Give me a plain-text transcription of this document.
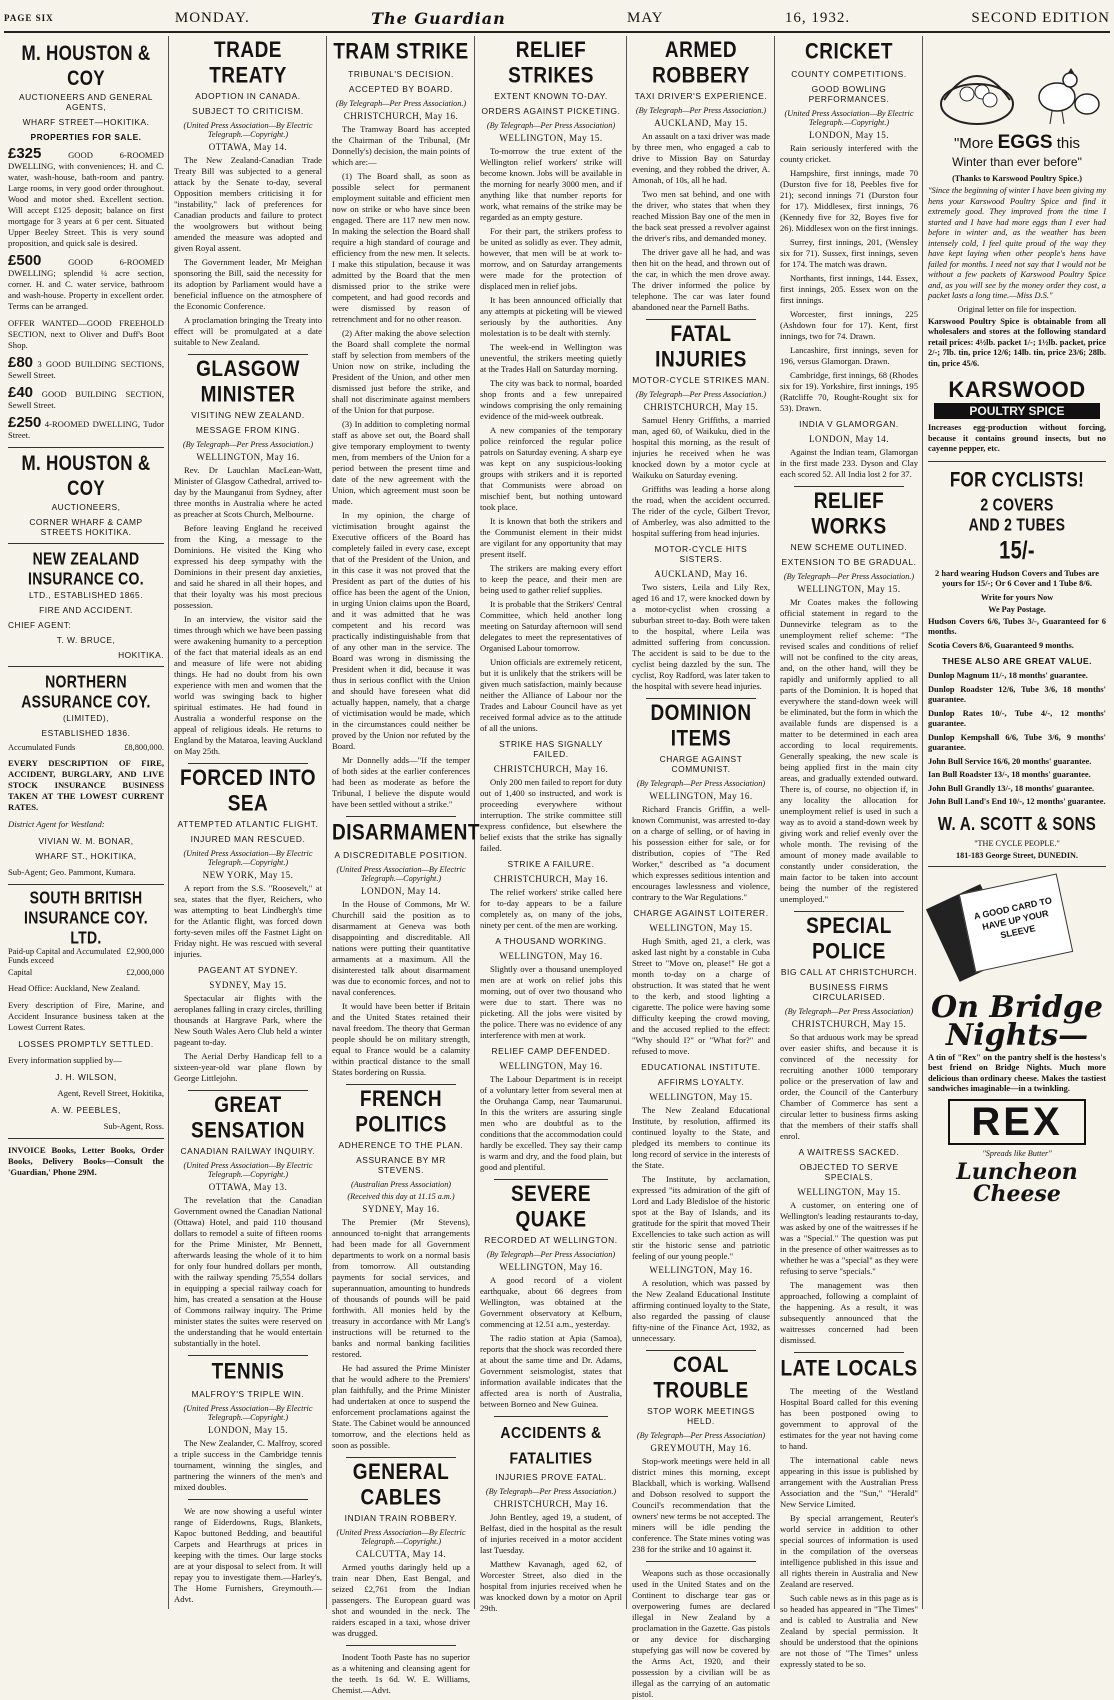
PAGE SIX	MONDAY.	The Guardian	MAY	16, 1932.	SECOND EDITION
M. HOUSTON & COY
AUCTIONEERS AND GENERAL AGENTS,
WHARF STREET—HOKITIKA.
PROPERTIES FOR SALE.
£325	GOOD 6-ROOMED DWELLING, with conveniences; H. and C. water, wash-house, bath-room and pantry. Large rooms, in very good order throughout. Wood and motor shed. Excellent section. Will accept £125 deposit; balance on first mortgage for 3 years at 6 per cent. Situated Upper Beeley Street. This is very sound proposition, and quick sale is desired.
£500	GOOD 6-ROOMED DWELLING; splendid ¼ acre section, corner. H. and C. water service, bathroom and wash-house. Property in excellent order. Terms can be arranged.
OFFER WANTED—GOOD FREEHOLD SECTION, next to Oliver and Duff's Boot Shop.
£80 3 GOOD BUILDING SECTIONS, Sewell Street.
£40 GOOD BUILDING SECTION, Sewell Street.
£250 4-ROOMED DWELLING, Tudor Street.
M. HOUSTON & COY
AUCTIONEERS,
CORNER WHARF & CAMP STREETS HOKITIKA.
NEW ZEALAND INSURANCE CO.
LTD., ESTABLISHED 1865.
FIRE AND ACCIDENT.
CHIEF AGENT:
T. W. BRUCE,
HOKITIKA.
NORTHERN ASSURANCE COY.
(LIMITED),
ESTABLISHED 1836.
Accumulated Funds	£8,800,000.
EVERY DESCRIPTION OF FIRE, ACCIDENT, BURGLARY, AND LIVE STOCK INSURANCE BUSINESS TAKEN AT THE LOWEST CURRENT RATES.
District Agent for Westland:
VIVIAN W. M. BONAR,
WHARF ST., HOKITIKA,
Sub-Agent; Geo. Pammont, Kumara.
SOUTH BRITISH INSURANCE COY. LTD.
Paid-up Capital and Accumulated Funds exceed
£2,900,000
Capital	£2,000,000
Head Office: Auckland, New Zealand.
Every description of Fire, Marine, and Accident Insurance business taken at the Lowest Current Rates.
LOSSES PROMPTLY SETTLED.
Every information supplied by—
J. H. WILSON,
Agent, Revell Street, Hokitika,
A. W. PEEBLES,
Sub-Agent, Ross.
INVOICE Books, Letter Books, Order Books, Delivery Books—Consult the 'Guardian,' Phone 29M.
TRADE TREATY
ADOPTION IN CANADA.
SUBJECT TO CRITICISM.
(United Press Association—By Electric Telegraph.—Copyright.)
OTTAWA, May 14.

The New Zealand-Canadian Trade Treaty Bill was subjected to a general attack by the Senate to-day, several Opposition members criticising it for "instability," lack of preferences for Canadian products and failure to protect the woolgrowers but without being amended the measure was adopted and given Royal assent.

The Government leader, Mr Meighan sponsoring the Bill, said the necessity for its adoption by Parliament would have a beneficial influence on the atmosphere of the Economic Conference.

A proclamation bringing the Treaty into effect will be promulgated at a date suitable to New Zealand.

GLASGOW MINISTER
VISITING NEW ZEALAND.
MESSAGE FROM KING.
(By Telegraph—Per Press Association.)
WELLINGTON, May 16.

Rev. Dr Lauchlan MacLean-Watt, Minister of Glasgow Cathedral, arrived to-day by the Maunganui from Sydney, after three months in Australia where he acted as preacher at Scots Church, Melbourne.

Before leaving England he received from the King, a message to the Dominions. He visited the King who expressed his deep sympathy with the Dominions in their present day anxieties, and said he shared in all their hopes, and that their loyalty was his most precious possession.

In an interview, the visitor said the times through which we have been passing were awakening humanity to a perception of the fact that material ideals as an end and measure of life were not abiding things. He had no doubt from his own experience with men and women that the world was swinging back to higher spiritual estimates. He had found in Australia a wonderful response on the appeal of religious ideals. He returns to England by the Mataroa, leaving Auckland on May 25th.

FORCED INTO SEA
ATTEMPTED ATLANTIC FLIGHT.
INJURED MAN RESCUED.
(United Press Association—By Electric Telegraph.—Copyright.)
NEW YORK, May 15.

A report from the S.S. "Roosevelt," at sea, states that the flyer, Reichers, who was attempting to beat Lindbergh's time for the Atlantic flight, was forced down forty-seven miles off the Fastnet Light on Friday night. He was rescued with several injuries.

PAGEANT AT SYDNEY.
SYDNEY, May 15.

Spectacular air flights with the aeroplanes falling in crazy circles, thrilling thousands at Hargrave Park, where the New South Wales Aero Club held a winter pageant to-day.

The Aerial Derby Handicap fell to a sixteen-year-old war plane flown by George Littlejohn.

GREAT SENSATION
CANADIAN RAILWAY INQUIRY.
(United Press Association—By Electric Telegraph.—Copyright.)
OTTAWA, May 13.

The revelation that the Canadian Government owned the Canadian National (Ottawa) Hotel, and paid 110 thousand dollars to remodel a suite of fifteen rooms for the Prime Minister, Mr Bennett, afterwards leasing the whole of it to him for only four hundred dollars per month, with the railway spending 75,554 dollars in equipping a special railway coach for him, has created a sensation at the House of Commons railway inquiry. The Prime minister states the suites were reserved on the understanding that he would entertain substantially in the hotel.

TENNIS
MALFROY'S TRIPLE WIN.
(United Press Association—By Electric Telegraph.—Copyright.)
LONDON, May 15.

The New Zealander, C. Malfroy, scored a triple success in the Cambridge tennis tournament, winning the singles, and partnering the winners of the men's and mixed doubles.

We are now showing a useful winter range of Eiderdowns, Rugs, Blankets, Kapoc buttoned Bedding, and beautiful Carpets and Hearthrugs at prices in keeping with the times. Our large stocks are at your disposal to select from. It will repay you to investigate them.—Harley's, The Home Furnishers, Greymouth.—Advt.

TRAM STRIKE
TRIBUNAL'S DECISION.
ACCEPTED BY BOARD.
(By Telegraph—Per Press Association.)
CHRISTCHURCH, May 16.

The Tramway Board has accepted the Chairman of the Tribunal, (Mr Donnelly's) decision, the main points of which are:—

(1) The Board shall, as soon as possible select for permanent employment suitable and efficient men now on strike or who have since been engaged. There are 117 new men now. In making the selection the Board shall require a high standard of courage and efficiency from the new men. It selects. I make this stipulation, because it was admitted by the Board that the men dismissed prior to the strike were competent, and had good records and were dismissed by reason of retrenchment and for no other reason.

(2) After making the above selection the Board shall complete the normal staff by selection from members of the Union now on strike, including the President of the Union, and other men dismissed just before the strike, and shall not discriminate against members of the Union for that purpose.

(3) In addition to completing normal staff as above set out, the Board shall give temporary employment to twenty men, from members of the Union for a period between the present time and date of the new agreement with the Union, which agreement must soon be made.

In my opinion, the charge of victimisation brought against the Executive officers of the Board has completely failed in every case, except that of the President of the Union, and in this case it was not proved that the President as part of the duties of his office has been the agent of the Union, in urging Union claims upon the Board, and it was admitted that he was competent and his record was practically indistinguishable from that of any other man in the service. The Board was wrong in dismissing the President when it did, because it was thus in serious conflict with the Union and should have foreseen what did actually happen, namely, that a charge of victimisation would be made, which in the circumstances could neither be proved by the Union nor refuted by the Board.

Mr Donnelly adds—"If the temper of both sides at the earlier conferences had been as moderate as before the Tribunal, I believe the dispute would have been settled without a strike."

DISARMAMENT
A DISCREDITABLE POSITION.
(United Press Association—By Electric Telegraph.—Copyright.)
LONDON, May 14.

In the House of Commons, Mr W. Churchill said the position as to disarmament at Geneva was both disappointing and discreditable. All nations were putting their quantitative armaments at a maximum. All the disinterested talk about disarmament was due to economic forces, and not to naval conferences.

It would have been better if Britain and the United States retained their naval freedom. The theory that German people should be on military strength, equal to France would be a calamity within practical distance to the small States bordering on Russia.

FRENCH POLITICS
ADHERENCE TO THE PLAN.
ASSURANCE BY MR STEVENS.
(Australian Press Association)
(Received this day at 11.15 a.m.)
SYDNEY, May 16.

The Premier (Mr Stevens), announced to-night that arrangements had been made for all Government departments to work on a normal basis from tomorrow. All outstanding payments for social services, and superannuation, amounting to hundreds of thousands of pounds will be paid forthwith. All monies held by the treasury in accordance with Mr Lang's instructions will be returned to the banks and normal banking facilities restored.

He had assured the Prime Minister that he would adhere to the Premiers' plan faithfully, and the Prime Minister had undertaken at once to suspend the enforcement proclamations against the State. The Cabinet would be announced tomorrow, and the elections held as soon as possible.

GENERAL CABLES
INDIAN TRAIN ROBBERY.
(United Press Association—By Electric Telegraph.—Copyright.)
CALCUTTA, May 14.

Armed youths daringly held up a train near Dhen, East Bengal, and seized £2,761 from the Indian passengers. The European guard was shot and wounded in the neck. The raiders escaped in a taxi, whose driver was drugged.

Inodent Tooth Paste has no superior as a whitening and cleansing agent for the teeth. 1s 6d. W. E. Williams, Chemist.—Advt.

RELIEF STRIKES
EXTENT KNOWN TO-DAY.
ORDERS AGAINST PICKETING.
(By Telegraph—Per Press Association)
WELLINGTON, May 15.

To-morrow the true extent of the Wellington relief workers' strike will become known. Jobs will be available in the morning for nearly 3000 men, and if anything like that number reports for work, what remains of the strike may be regarded as an empty gesture.

For their part, the strikers profess to be united as solidly as ever. They admit, however, that men will be at work to-morrow, and on Saturday arrangements were made for the protection of displaced men in relief jobs.

It has been announced officially that any attempts at picketing will be viewed seriously by the authorities. Any molestation is to be dealt with sternly.

The week-end in Wellington was uneventful, the strikers meeting quietly at the Trades Hall on Saturday morning.

The city was back to normal, boarded shop fronts and a few unrepaired windows comprising the only remaining evidence of the mid-week outbreak.

A new companies of the temporary police reinforced the regular police patrols on Saturday evening. A sharp eye was kept on any suspicious-looking groups with strikers and it is reported that Communists were abroad on mischief bent, but nothing untoward took place.

It is known that both the strikers and the Communist element in their midst are vigilant for any opportunity that may present itself.

The strikers are making every effort to keep the peace, and their men are being used to gather relief supplies.

It is probable that the Strikers' Central Committee, which held another long meeting on Saturday afternoon will send delegates to meet the representatives of Organised Labour tomorrow.

Union officials are extremely reticent, but it is unlikely that the strikers will be given much satisfaction, mainly because neither the Alliance of Labour nor the Trades and Labour Council have as yet received formal advice as to the attitude of all the unions.

STRIKE HAS SIGNALLY FAILED.
CHRISTCHURCH, May 16.

Only 200 men failed to report for duty out of 1,400 so instructed, and work is proceeding everywhere without interruption. The strike committee still express confidence, but elsewhere the belief exists that the strike has signally failed.

STRIKE A FAILURE.
CHRISTCHURCH, May 16.

The relief workers' strike called here for to-day appears to be a failure completely as, on many of the jobs, ninety per cent. of the men are working.

A THOUSAND WORKING.
WELLINGTON, May 16.

Slightly over a thousand unemployed men are at work on relief jobs this morning, out of over two thousand who were due to start. There was no picketing. All the jobs were visited by the police. There was no evidence of any interference with men at work.

RELIEF CAMP DEFENDED.
WELLINGTON, May 16.

The Labour Department is in receipt of a voluntary letter from several men at the Oruhanga Camp, near Taumarunui. In this the writers are assuring single men who are doubtful as to the conditions that the accommodation could hardly be excelled. They say their camp is warm and dry, and the food plain, but good and plentiful.

SEVERE QUAKE
RECORDED AT WELLINGTON.
(By Telegraph—Per Press Association)
WELLINGTON, May 16.

A good record of a violent earthquake, about 66 degrees from Wellington, was obtained at the Government observatory at Kelburn, commencing at 12.51 a.m., yesterday.

The radio station at Apia (Samoa), reports that the shock was recorded there at about the same time and Dr. Adams, Government seismologist, states that information available indicates that the affected area is north of Australia, between Borneo and New Guinea.

ACCIDENTS & FATALITIES
INJURIES PROVE FATAL.
(By Telegraph—Per Press Association.)
CHRISTCHURCH, May 16.

John Bentley, aged 19, a student, of Belfast, died in the hospital as the result of injuries received in a motor accident last Tuesday.

Matthew Kavanagh, aged 62, of Worcester Street, also died in the hospital from injuries received when he was knocked down by a motor on April 29th.

ARMED ROBBERY
TAXI DRIVER'S EXPERIENCE.
(By Telegraph—Per Press Association.)
AUCKLAND, May 15.

An assault on a taxi driver was made by three men, who engaged a cab to drive to Mission Bay on Saturday evening, and they robbed the driver, A. Amonah, of 10s, all he had.

Two men sat behind, and one with the driver, who states that when they reached Mission Bay one of the men in the back seat pressed a revolver against the driver's ribs, and demanded money.

The driver gave all he had, and was then hit on the head, and thrown out of the car, in which the men drove away. The driver informed the police by telephone. The car was later found abandoned near the Parnell Baths.

FATAL INJURIES
MOTOR-CYCLE STRIKES MAN.
(By Telegraph—Per Press Association.)
CHRISTCHURCH, May 15.

Samuel Henry Griffiths, a married man, aged 60, of Waikuku, died in the hospital this morning, as the result of injuries he received when he was knocked down by a motor cycle at Waikuku on Saturday evening.

Griffiths was leading a horse along the road, when the accident occurred. The rider of the cycle, Gilbert Trevor, of Amberley, was also admitted to the hospital suffering from head injuries.

MOTOR-CYCLE HITS SISTERS.
AUCKLAND, May 16.

Two sisters, Leila and Lily Rex, aged 16 and 17, were knocked down by a motor-cyclist when crossing a suburban street to-day. Both were taken to the hospital, where Leila was admitted suffering from concussion. The accident is said to be due to the cyclist being dazzled by the sun. The cyclist, Roy Radford, was later taken to the hospital with severe head injuries.

DOMINION ITEMS
CHARGE AGAINST COMMUNIST.
(By Telegraph—Per Press Association)
WELLINGTON, May 16.

Richard Francis Griffin, a well-known Communist, was arrested to-day on a charge of selling, or of having in his possession either for sale, or for distribution, copies of "The Red Worker," described as "a document which expresses seditious intention and encourages lawlessness and violence, contrary to the War Regulations."

CHARGE AGAINST LOITERER.
WELLINGTON, May 15.

Hugh Smith, aged 21, a clerk, was asked last night by a constable in Cuba Street to "Move on, please!" He got a month to-day on a charge of obstruction. It was stated that he went to the kerb, and stood lighting a cigarette. The police were having some difficulty keeping the crowd moving, and the accused replied to the effect: "Why should I?" or "What for?" and refused to move.

EDUCATIONAL INSTITUTE.
AFFIRMS LOYALTY.
WELLINGTON, May 15.

The New Zealand Educational Institute, by resolution, affirmed its continued loyalty to the State, and pledged its members to continue its long record of service in the interests of the State.

The Institute, by acclamation, expressed "its admiration of the gift of Lord and Lady Bledisloe of the historic spot at the Bay of Islands, and its gratitude for the spirit that moved Their Excellencies to take such action as will stir the historic sense and patriotic feeling of our young people."

WELLINGTON, May 16.

A resolution, which was passed by the New Zealand Educational Institute affirming continued loyalty to the State, also regarded the passing of clause fifty-nine of the Finance Act, 1932, as unnecessary.

COAL TROUBLE
STOP WORK MEETINGS HELD.
(By Telegraph—Per Press Association)
GREYMOUTH, May 16.

Stop-work meetings were held in all district mines this morning, except Blackball, which is working. Wallsend and Dobson resolved to support the Council's recommendation that the owners' new terms be not accepted. The miners will be idle pending the conference. The State mines voting was 238 for the strike and 10 against it.

Weapons such as those occasionally used in the United States and on the Continent to discharge tear gas or overpowering fumes are declared illegal in New Zealand by a proclamation in the Gazette. Gas pistols or any device for discharging stupefying gas will now be covered by the Arms Act, 1920, and their possession by a civilian will be as illegal as the carrying of an automatic pistol.

CRICKET
COUNTY COMPETITIONS.
GOOD BOWLING PERFORMANCES.
(United Press Association—By Electric Telegraph.—Copyright.)
LONDON, May 15.

Rain seriously interfered with the county cricket.

Hampshire, first innings, made 70 (Durston five for 18, Peebles five for 21); second innings 71 (Durston four for 17). Middlesex, first innings, 76 (Kennedy five for 32, Boyes five for 26). Middlesex won on the first innings.

Surrey, first innings, 201, (Wensley six for 71). Sussex, first innings, seven for 174. The match was drawn.

Northants, first innings, 144. Essex, first innings, 205. Essex won on the first innings.

Worcester, first innings, 225 (Ashdown four for 17). Kent, first innings, two for 74. Drawn.

Lancashire, first innings, seven for 196, versus Glamorgan. Drawn.

Cambridge, first innings, 68 (Rhodes six for 19). Yorkshire, first innings, 195 (Ratcliffe 70, Rought-Rought six for 53). Drawn.

INDIA V GLAMORGAN.
LONDON, May 14.

Against the Indian team, Glamorgan in the first made 233. Dyson and Clay each scored 52. All India lost 2 for 37.

RELIEF WORKS
NEW SCHEME OUTLINED.
EXTENSION TO BE GRADUAL.
(By Telegraph—Per Press Association.)
WELLINGTON, May 15.

Mr Coates makes the following official statement in regard to the Dunnevirke telegram as to the unemployment relief scheme: "The revised scales and conditions of relief will not be confined to the city areas, and, on the other hand, will they be rapidly and uniformly applied to all parts of the Dominion. It is hoped that everywhere the stand-down week will be eliminated, but the form in which the available funds are dispensed is a matter to be determined in each area according to local requirements. Generally speaking, the new scale is being applied first in the main city areas, and gradually extended outward. There is, of course, no objection if, in any locality the allocation for unemployment relief is used in such a way as to avoid a stand-down week by giving work and relief evenly over the whole month. The revising of the amount of money made available to constantly under consideration, the main factor to be taken into account being the number of the registered unemployed."

SPECIAL POLICE
BIG CALL AT CHRISTCHURCH.
BUSINESS FIRMS CIRCULARISED.
(By Telegraph—Per Press Association)
CHRISTCHURCH, May 15.

So that arduous work may be spread over easier shifts, and because it is convinced of the necessity for recruiting another 1000 temporary police or the preservation of law and order, the Council of the Canterbury Chamber of Commerce has sent a circular letter to business firms asking that the members of their staffs shall enrol.

A WAITRESS SACKED.
OBJECTED TO SERVE SPECIALS.
WELLINGTON, May 15.

A customer, on entering one of Wellington's leading restaurants to-day, was asked by one of the waitresses if he was a "Special." The question was put in the presence of other waitresses as to whether he was a "special" as they were refusing to serve "specials."

The management was then approached, following a complaint of the happening. As a result, it was subsequently announced that the waitresses concerned had been dismissed.

LATE LOCALS

The meeting of the Westland Hospital Board called for this evening has been postponed owing to government to approval of the estimates for the year not having come to hand.

The international cable news appearing in this issue is published by arrangement with the Australian Press Association and the "Sun," "Herald" New Service Limited.

By special arrangement, Reuter's world service in addition to other special sources of information is used in the compilation of the overseas intelligence published in this issue and all rights therein in Australia and New Zealand are reserved.

Such cable news as in this page as is so headed has appeared in "The Times" and is cabled to Australia and New Zealand by special permission. It should be understood that the opinions are not those of "The Times" unless expressly stated to be so.

"More EGGS this
Winter than ever before"
(Thanks to Karswood Poultry Spice.)
"Since the beginning of winter I have been giving my hens your Karswood Poultry Spice and find it extremely good. They improved from the time I started and I have had more eggs than I ever had before in winter and, as the weather has been intensely cold, I feel quite proud of the way they have kept laying when other people's hens have failed for months. I need not say that I would not be without a few packets of Karswood Poultry Spice and, as you will see by the money order they cost, a packet lasts a long time.—Miss D.S."
Original letter on file for inspection.
Karswood Poultry Spice is obtainable from all wholesalers and stores at the following standard retail prices: 4½lb. packet 1/-; 1½lb. packet, price 2/-; 7lb. tin, price 12/6; 14lb. tin, price 23/6; 28lb. tin, price 45/6.
KARSWOOD
POULTRY SPICE
Increases egg-production without forcing, because it contains ground insects, but no cayenne pepper, etc.
FOR CYCLISTS!
2 COVERS
AND 2 TUBES
15/-
2 hard wearing Hudson Covers and Tubes are yours for 15/-; Or 6 Cover and 1 Tube 8/6.
Write for yours Now
We Pay Postage.
Hudson Covers 6/6, Tubes 3/-, Guaranteed for 6 months.
Scotia Covers 8/6, Guaranteed 9 months.
THESE ALSO ARE GREAT VALUE.
Dunlop Magnum 11/-, 18 months' guarantee.
Dunlop Roadster 12/6, Tube 3/6, 18 months' guarantee.
Dunlop Rates 10/-, Tube 4/-, 12 months' guarantee.
Dunlop Kempshall 6/6, Tube 3/6, 9 months' guarantee.
John Bull Service 16/6, 20 months' guarantee.
Ian Bull Roadster 13/-, 18 months' guarantee.
John Bull Grandly 13/-, 18 months' guarantee.
John Bull Land's End 10/-, 12 months' guarantee.
W. A. SCOTT & SONS
"THE CYCLE PEOPLE."
181-183 George Street, DUNEDIN.
A GOOD CARD TO HAVE UP YOUR SLEEVE
On Bridge Nights—
A tin of "Rex" on the pantry shelf is the hostess's best friend on Bridge Nights. Much more delicious than ordinary cheese. Makes the tastiest sandwiches imaginable—in a twinkling.
REX
"Spreads like Butter"
Luncheon
Cheese
